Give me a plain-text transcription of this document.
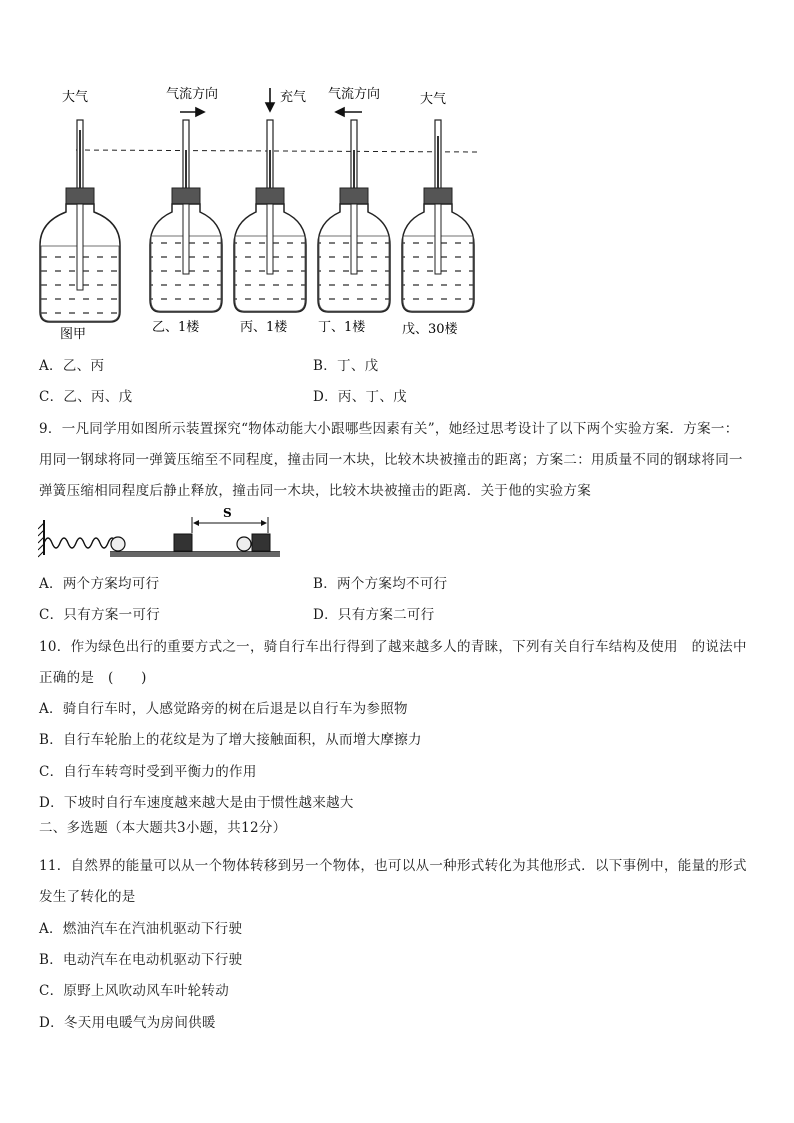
大气	气流方向	充气 气流方向	大气
图甲	乙、1楼	丙、1楼 丁、1楼	戊、30楼
A．乙、丙	B．丁、戊
C．乙、丙、戊	D．丙、丁、戊
9．一凡同学用如图所示装置探究“物体动能大小跟哪些因素有关”，她经过思考设计了以下两个实验方案．方案一：
用同一钢球将同一弹簧压缩至不同程度，撞击同一木块，比较木块被撞击的距离；方案二：用质量不同的钢球将同一
弹簧压缩相同程度后静止释放，撞击同一木块，比较木块被撞击的距离．关于他的实验方案
S
A．两个方案均可行	B．两个方案均不可行
C．只有方案一可行	D．只有方案二可行
10．作为绿色出行的重要方式之一，骑自行车出行得到了越来越多人的青睐，下列有关自行车结构及使用　的说法中
正确的是　(　　)
A．骑自行车时，人感觉路旁的树在后退是以自行车为参照物
B．自行车轮胎上的花纹是为了增大接触面积，从而增大摩擦力
C．自行车转弯时受到平衡力的作用
D．下坡时自行车速度越来越大是由于惯性越来越大
二、多选题（本大题共3小题，共12分）
11．自然界的能量可以从一个物体转移到另一个物体，也可以从一种形式转化为其他形式．以下事例中，能量的形式
发生了转化的是
A．燃油汽车在汽油机驱动下行驶
B．电动汽车在电动机驱动下行驶
C．原野上风吹动风车叶轮转动
D．冬天用电暖气为房间供暖
